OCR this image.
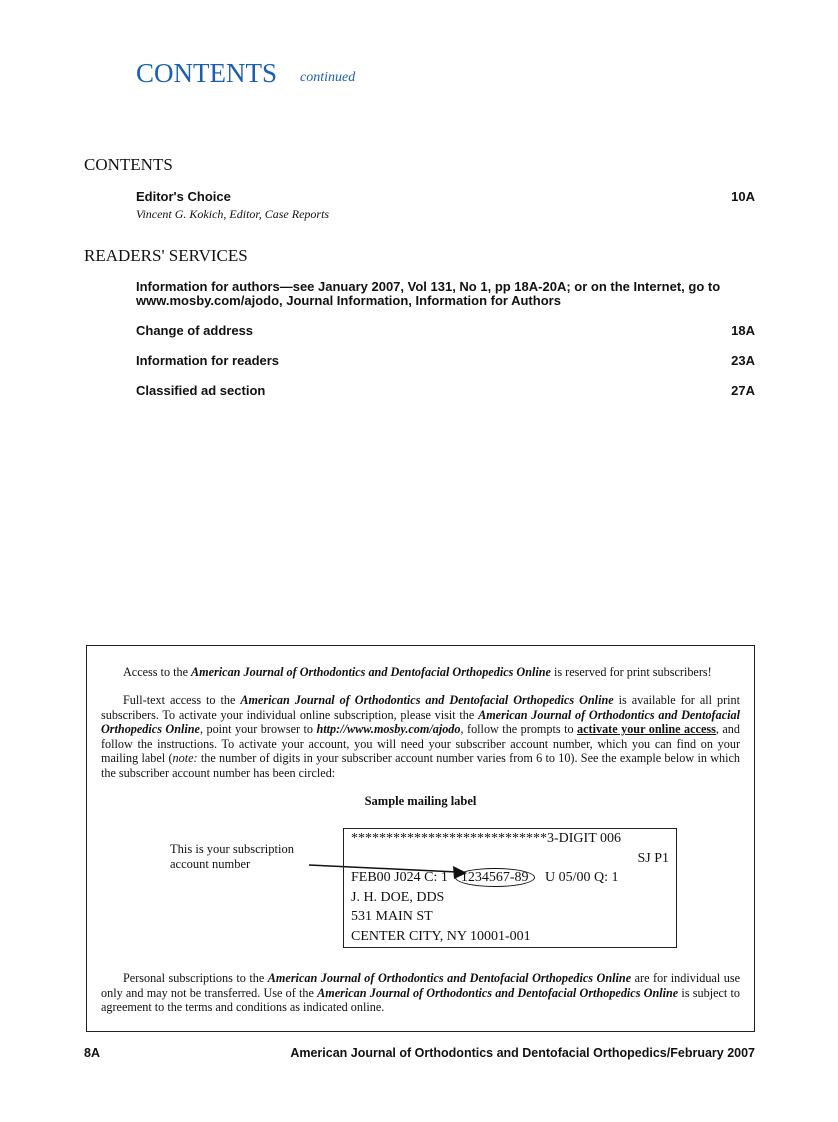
CONTENTS continued
CONTENTS
Editor's Choice	10A
Vincent G. Kokich, Editor, Case Reports
READERS' SERVICES
Information for authors—see January 2007, Vol 131, No 1, pp 18A-20A; or on the Internet, go to www.mosby.com/ajodo, Journal Information, Information for Authors
Change of address	18A
Information for readers	23A
Classified ad section	27A
Access to the American Journal of Orthodontics and Dentofacial Orthopedics Online is reserved for print subscribers!
Full-text access to the American Journal of Orthodontics and Dentofacial Orthopedics Online is available for all print subscribers. To activate your individual online subscription, please visit the American Journal of Orthodontics and Dentofacial Orthopedics Online, point your browser to http://www.mosby.com/ajodo, follow the prompts to activate your online access, and follow the instructions. To activate your account, you will need your subscriber account number, which you can find on your mailing label (note: the number of digits in your subscriber account number varies from 6 to 10). See the example below in which the subscriber account number has been circled:
Sample mailing label
This is your subscription account number
****************************3-DIGIT 006
SJ P1
FEB00 J024 C: 1 1234567-89 U 05/00 Q: 1
J. H. DOE, DDS
531 MAIN ST
CENTER CITY, NY 10001-001
Personal subscriptions to the American Journal of Orthodontics and Dentofacial Orthopedics Online are for individual use only and may not be transferred. Use of the American Journal of Orthodontics and Dentofacial Orthopedics Online is subject to agreement to the terms and conditions as indicated online.
8A	American Journal of Orthodontics and Dentofacial Orthopedics/February 2007
